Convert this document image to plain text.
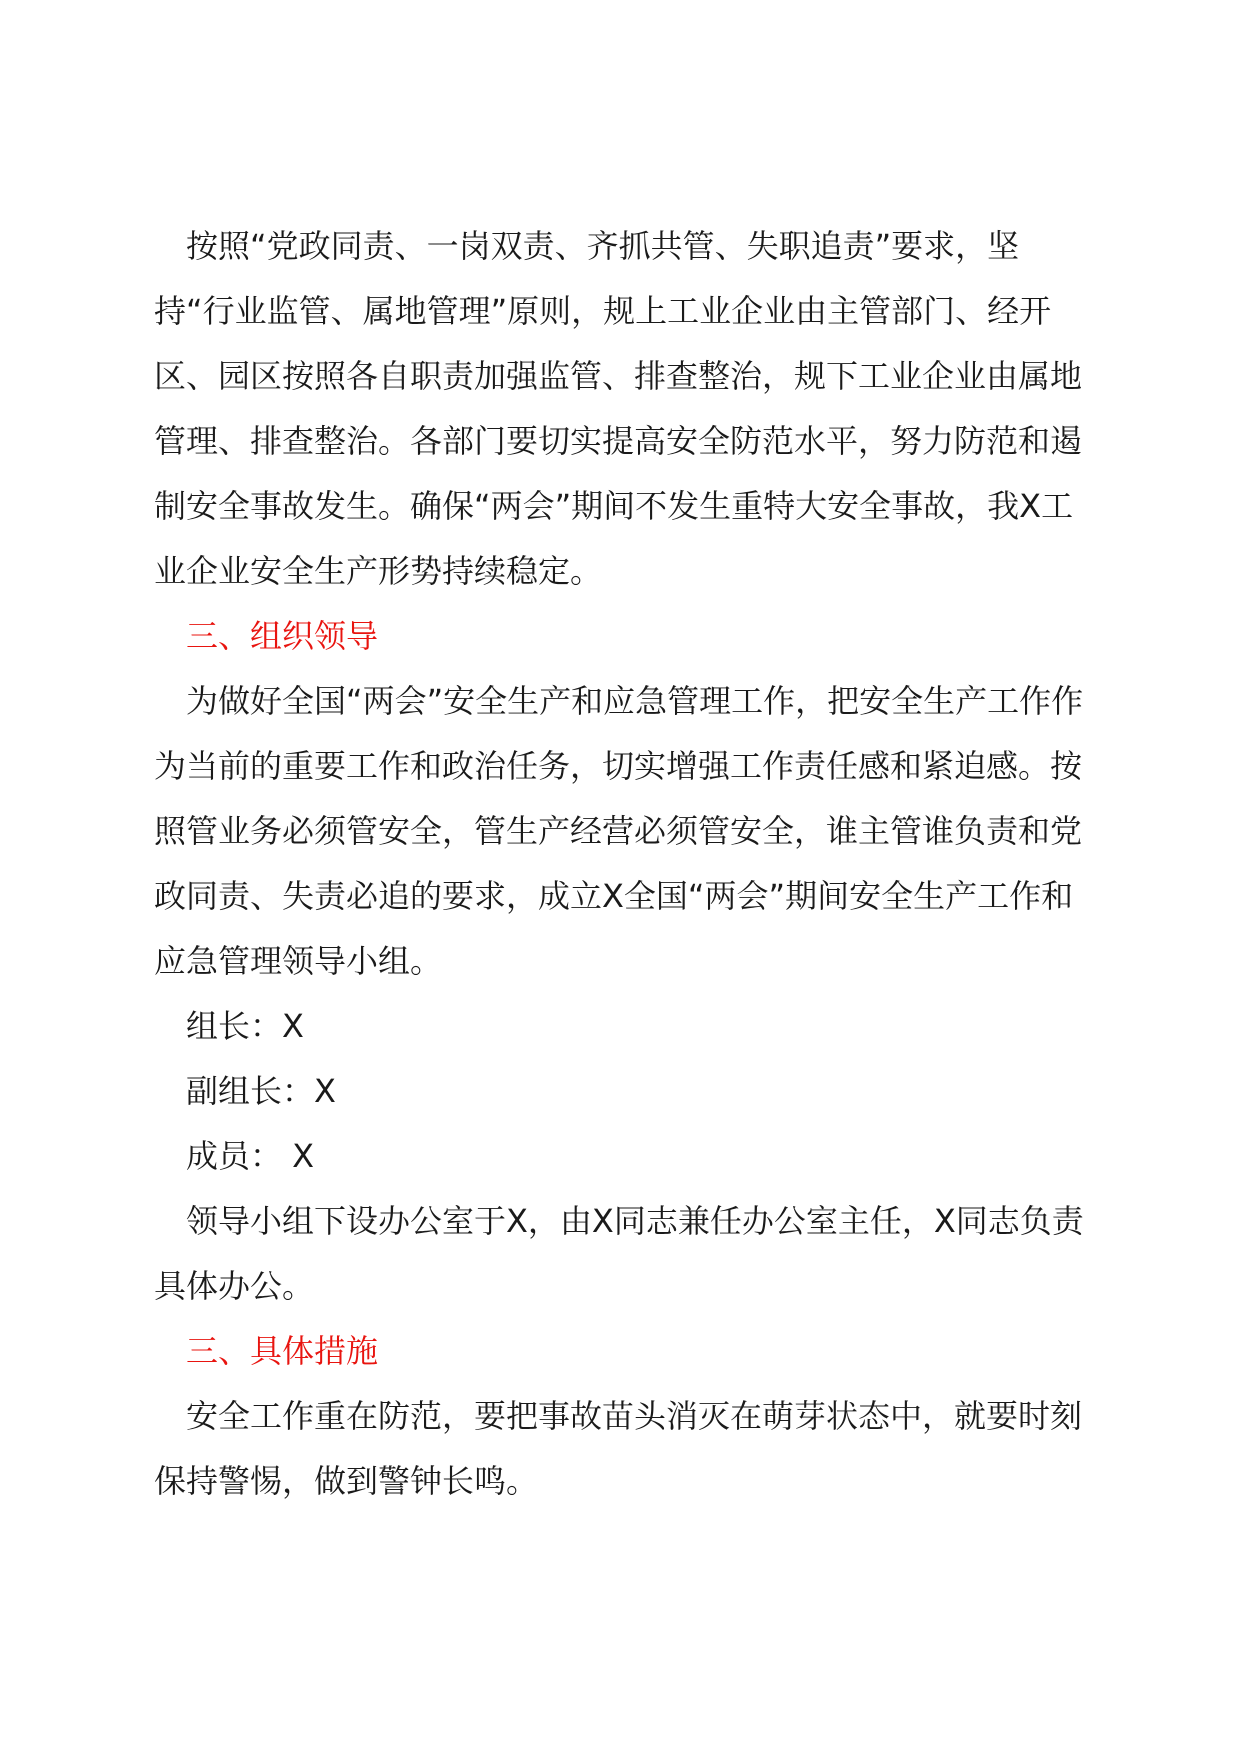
按照“党政同责、一岗双责、齐抓共管、失职追责”要求，坚持“行业监管、属地管理”原则，规上工业企业由主管部门、经开区、园区按照各自职责加强监管、排查整治，规下工业企业由属地管理、排查整治。各部门要切实提高安全防范水平，努力防范和遏制安全事故发生。确保“两会”期间不发生重特大安全事故，我X工业企业安全生产形势持续稳定。

三、组织领导

为做好全国“两会”安全生产和应急管理工作，把安全生产工作作为当前的重要工作和政治任务，切实增强工作责任感和紧迫感。按照管业务必须管安全，管生产经营必须管安全，谁主管谁负责和党政同责、失责必追的要求，成立X全国“两会”期间安全生产工作和应急管理领导小组。

组长：X

副组长：X

成员： X

领导小组下设办公室于X，由X同志兼任办公室主任，X同志负责具体办公。

三、具体措施

安全工作重在防范，要把事故苗头消灭在萌芽状态中，就要时刻保持警惕，做到警钟长鸣。
